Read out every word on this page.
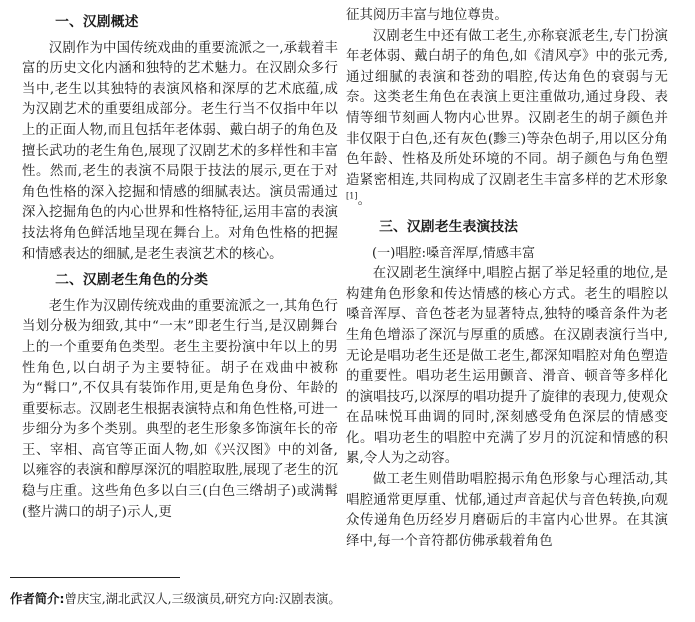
一、汉剧概述

汉剧作为中国传统戏曲的重要流派之一,承载着丰富的历史文化内涵和独特的艺术魅力。在汉剧众多行当中,老生以其独特的表演风格和深厚的艺术底蕴,成为汉剧艺术的重要组成部分。老生行当不仅指中年以上的正面人物,而且包括年老体弱、戴白胡子的角色及擅长武功的老生角色,展现了汉剧艺术的多样性和丰富性。然而,老生的表演不局限于技法的展示,更在于对角色性格的深入挖掘和情感的细腻表达。演员需通过深入挖掘角色的内心世界和性格特征,运用丰富的表演技法将角色鲜活地呈现在舞台上。对角色性格的把握和情感表达的细腻,是老生表演艺术的核心。

二、汉剧老生角色的分类

老生作为汉剧传统戏曲的重要流派之一,其角色行当划分极为细致,其中“一末”即老生行当,是汉剧舞台上的一个重要角色类型。老生主要扮演中年以上的男性角色,以白胡子为主要特征。胡子在戏曲中被称为“髯口”,不仅具有装饰作用,更是角色身份、年龄的重要标志。汉剧老生根据表演特点和角色性格,可进一步细分为多个类别。典型的老生形象多饰演年长的帝王、宰相、高官等正面人物,如《兴汉图》中的刘备,以雍容的表演和醇厚深沉的唱腔取胜,展现了老生的沉稳与庄重。这些角色多以白三(白色三绺胡子)或满髯(整片满口的胡子)示人,更

征其阅历丰富与地位尊贵。

汉剧老生中还有做工老生,亦称衰派老生,专门扮演年老体弱、戴白胡子的角色,如《清风亭》中的张元秀,通过细腻的表演和苍劲的唱腔,传达角色的衰弱与无奈。这类老生角色在表演上更注重做功,通过身段、表情等细节刻画人物内心世界。汉剧老生的胡子颜色并非仅限于白色,还有灰色(黪三)等杂色胡子,用以区分角色年龄、性格及所处环境的不同。胡子颜色与角色塑造紧密相连,共同构成了汉剧老生丰富多样的艺术形象[1]。

三、汉剧老生表演技法
(一)唱腔:嗓音浑厚,情感丰富

在汉剧老生演绎中,唱腔占据了举足轻重的地位,是构建角色形象和传达情感的核心方式。老生的唱腔以嗓音浑厚、音色苍老为显著特点,独特的嗓音条件为老生角色增添了深沉与厚重的质感。在汉剧表演行当中,无论是唱功老生还是做工老生,都深知唱腔对角色塑造的重要性。唱功老生运用颤音、滑音、顿音等多样化的演唱技巧,以深厚的唱功提升了旋律的表现力,使观众在品味悦耳曲调的同时,深刻感受角色深层的情感变化。唱功老生的唱腔中充满了岁月的沉淀和情感的积累,令人为之动容。

做工老生则借助唱腔揭示角色形象与心理活动,其唱腔通常更厚重、忧郁,通过声音起伏与音色转换,向观众传递角色历经岁月磨砺后的丰富内心世界。在其演绎中,每一个音符都仿佛承载着角色

作者简介:曾庆宝,湖北武汉人,三级演员,研究方向:汉剧表演。
